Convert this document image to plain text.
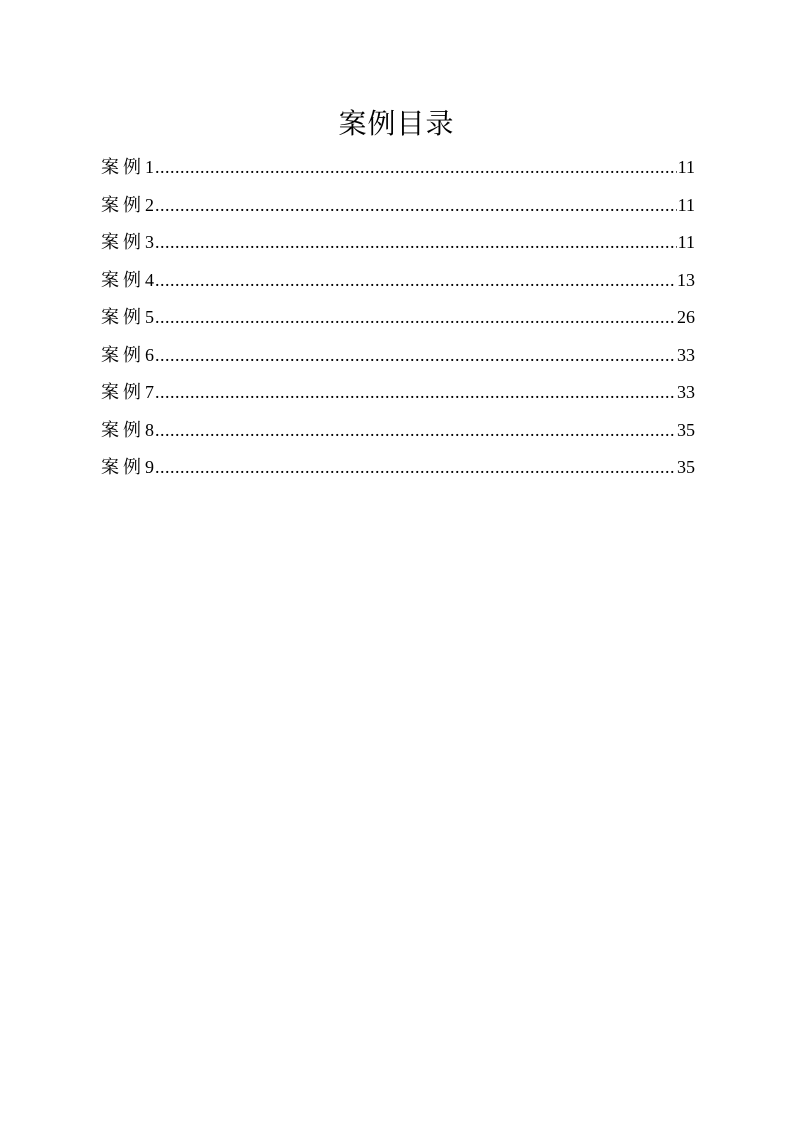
案例目录
案例1 .....	11
案例2 .....	11
案例3 .....	11
案例4 .....	13
案例5 .....	26
案例6 .....	33
案例7 .....	33
案例8 .....	35
案例9 .....	35
